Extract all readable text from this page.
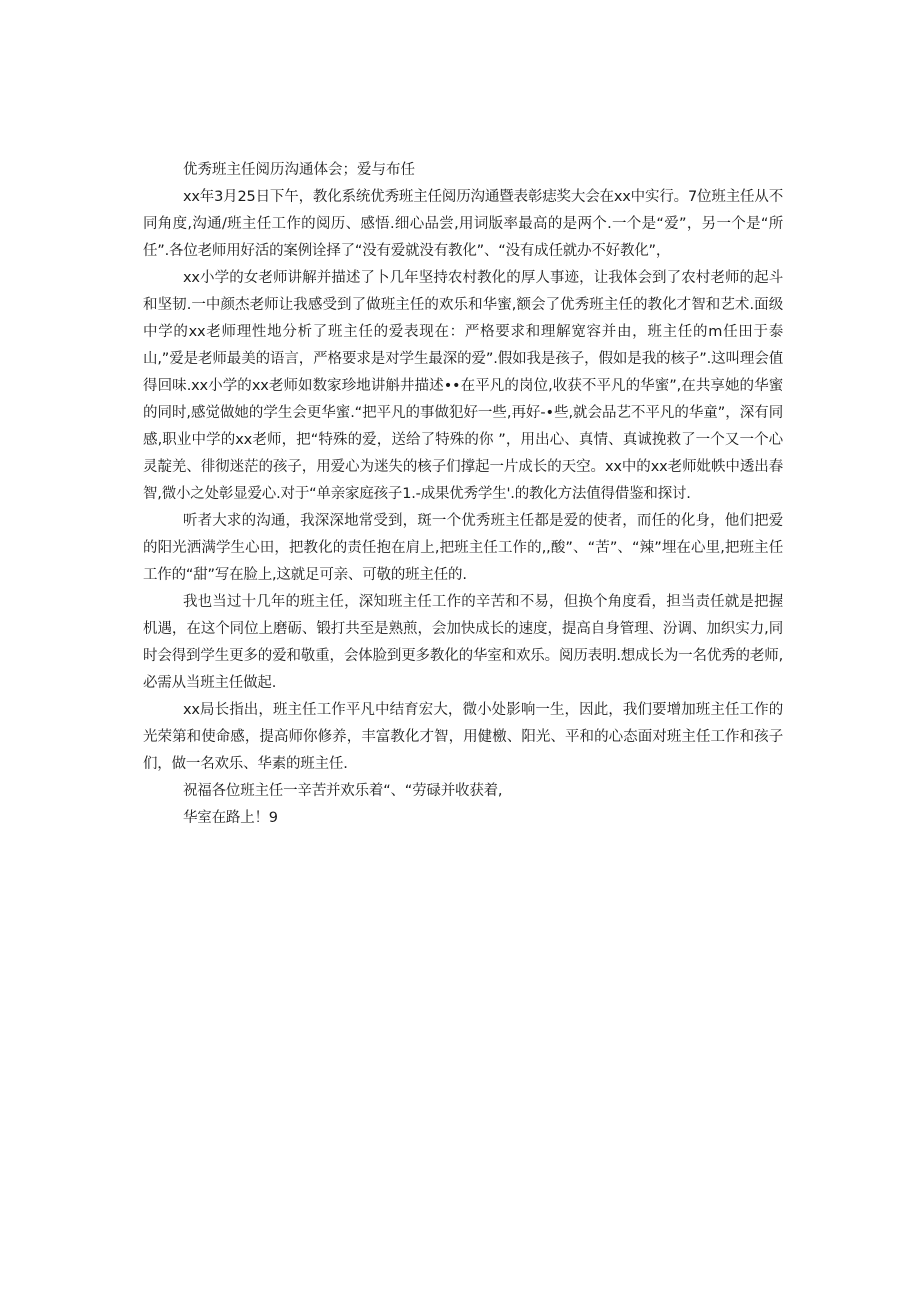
优秀班主任阅历沟通体会；爱与布任

xx年3月25日下午，教化系统优秀班主任阅历沟通暨表彰痣奖大会在xx中实行。7位班主任从不同角度,沟通/班主任工作的阅历、感悟.细心品尝,用词版率最高的是两个.一个是“爱”，另一个是“所任”.各位老师用好活的案例诠择了“没有爱就没有教化”、“没有成任就办不好教化”，

xx小学的女老师讲解并描述了卜几年坚持农村教化的厚人事迹，让我体会到了农村老师的起斗和坚韧.一中颜杰老师让我感受到了做班主任的欢乐和华蜜,额会了优秀班主任的教化才智和艺术.面级中学的xx老师理性地分析了班主任的爱表现在：严格要求和理解宽容并由，班主任的m任田于泰山,”爱是老师最美的语言，严格要求是对学生最深的爱”.假如我是孩子，假如是我的核子”.这叫理会值得回味.xx小学的xx老师如数家珍地讲斛井描述••在平凡的岗位,收获不平凡的华蜜”,在共享她的华蜜的同时,感觉做她的学生会更华蜜.“把平凡的事做犯好一些,再好-•些,就会品艺不平凡的华童”，深有同感,职业中学的xx老师，把“特殊的爱，送给了特殊的你 ”，用出心、真情、真诚挽救了一个又一个心灵靛羌、徘彻迷茫的孩子，用爱心为迷失的核子们撑起一片成长的天空。xx中的xx老师妣帙中透出春智,微小之处彰显爱心.对于“单亲家庭孩子1.-成果优秀学生'.的教化方法值得借鉴和探讨.

听者大求的沟通，我深深地常受到，斑一个优秀班主任都是爱的使者，而任的化身，他们把爱的阳光洒满学生心田，把教化的责任抱在肩上,把班主任工作的,,酸”、“苦”、“辣”埋在心里,把班主任工作的“甜”写在脸上,这就足可亲、可敬的班主任的.

我也当过十几年的班主任，深知班主任工作的辛苦和不易，但换个角度看，担当责任就是把握机遇，在这个同位上磨砺、锻打共至是熟煎，会加快成长的速度，提高自身管理、汾调、加织实力,同时会得到学生更多的爱和敬重，会体脸到更多教化的华室和欢乐。阅历表明.想成长为一名优秀的老师,必需从当班主任做起.

xx局长指出，班主任工作平凡中结育宏大，微小处影响一生，因此，我们要增加班主任工作的光荣第和使命感，提高师你修养，丰富教化才智，用健檄、阳光、平和的心态面对班主任工作和孩子们，做一名欢乐、华素的班主任.

祝福各位班主任一辛苦并欢乐着“、“劳碌并收获着,

华室在路上！9
